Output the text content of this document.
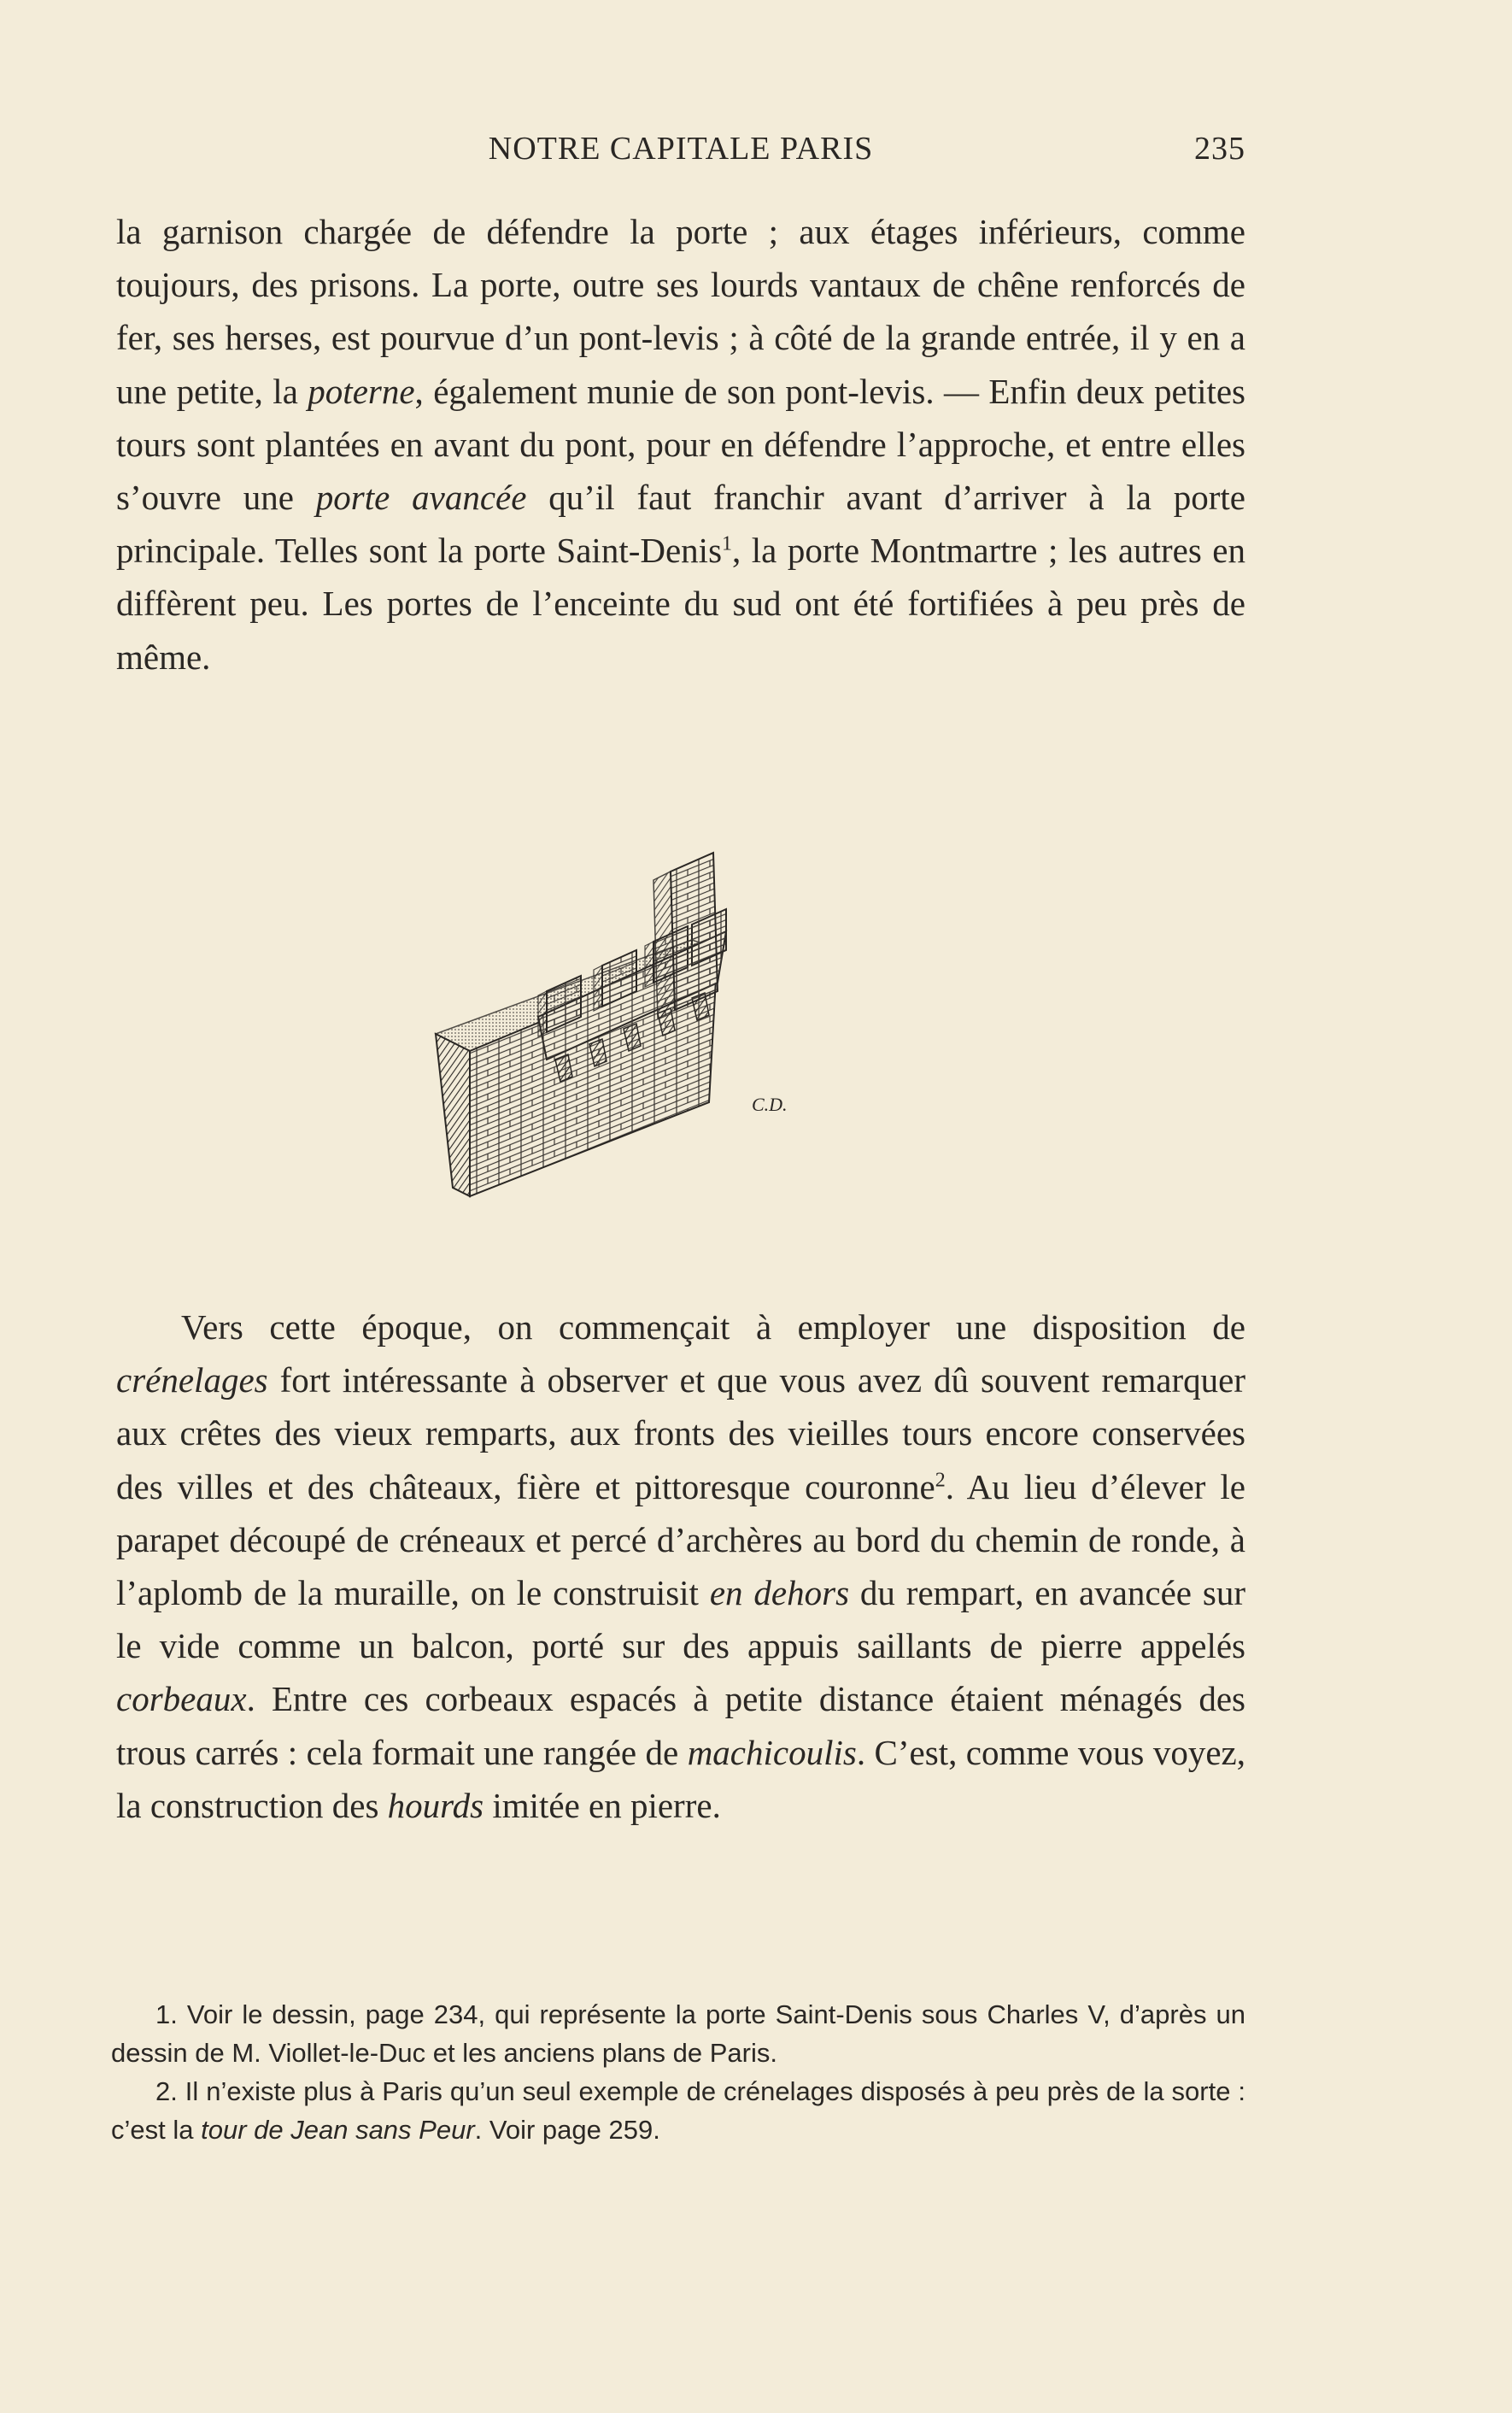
NOTRE CAPITALE PARIS	235

la garnison chargée de défendre la porte ; aux étages inférieurs, comme toujours, des prisons. La porte, outre ses lourds vantaux de chêne renforcés de fer, ses herses, est pourvue d’un pont-levis ; à côté de la grande entrée, il y en a une petite, la poterne, également munie de son pont-levis. — Enfin deux petites tours sont plantées en avant du pont, pour en défendre l’approche, et entre elles s’ouvre une porte avancée qu’il faut franchir avant d’arriver à la porte principale. Telles sont la porte Saint-Denis$^1$, la porte Montmartre ; les autres en diffèrent peu. Les portes de l’enceinte du sud ont été fortifiées à peu près de même.

C.D.

Vers cette époque, on commençait à employer une disposition de crénelages fort intéressante à observer et que vous avez dû souvent remarquer aux crêtes des vieux remparts, aux fronts des vieilles tours encore conservées des villes et des châteaux, fière et pittoresque couronne$^2$. Au lieu d’élever le parapet découpé de créneaux et percé d’archères au bord du chemin de ronde, à l’aplomb de la muraille, on le construisit en dehors du rempart, en avancée sur le vide comme un balcon, porté sur des appuis saillants de pierre appelés corbeaux. Entre ces corbeaux espacés à petite distance étaient ménagés des trous carrés : cela formait une rangée de machicoulis. C’est, comme vous voyez, la construction des hourds imitée en pierre.

1. Voir le dessin, page 234, qui représente la porte Saint-Denis sous Charles V, d’après un dessin de M. Viollet-le-Duc et les anciens plans de Paris.

2. Il n’existe plus à Paris qu’un seul exemple de crénelages disposés à peu près de la sorte : c’est la tour de Jean sans Peur. Voir page 259.
